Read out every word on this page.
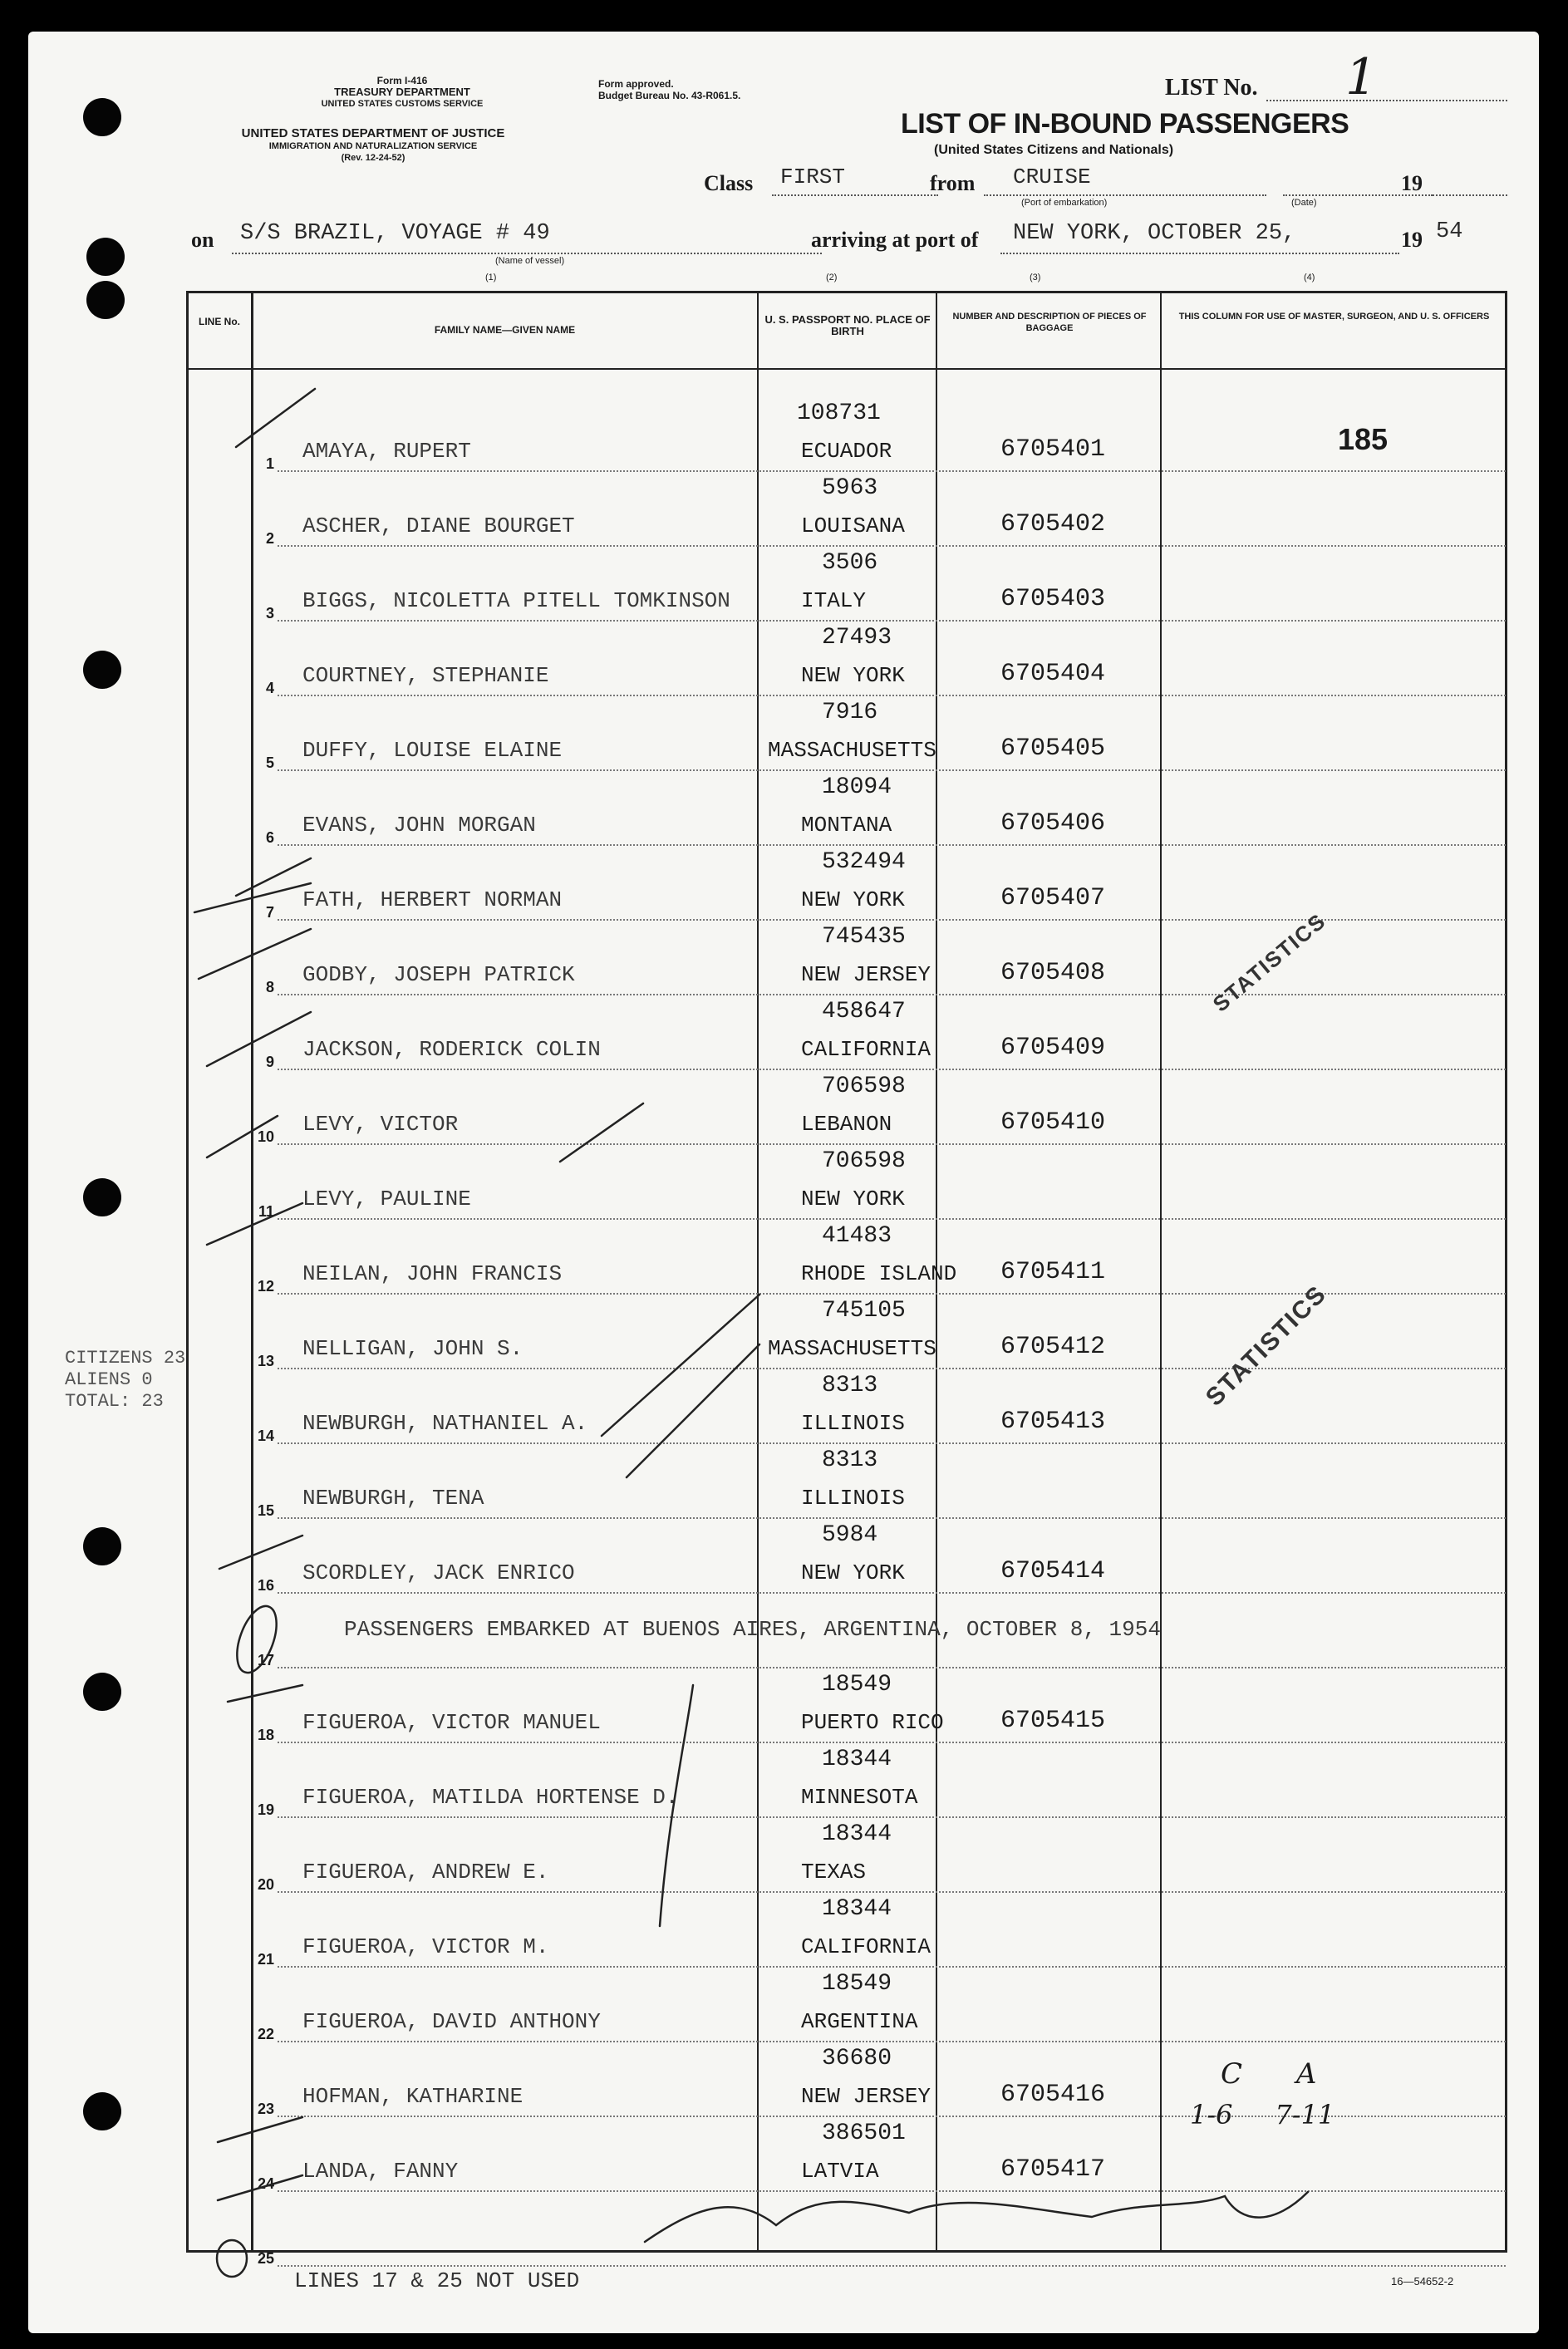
Form I-416
TREASURY DEPARTMENT
UNITED STATES CUSTOMS SERVICE
UNITED STATES DEPARTMENT OF JUSTICE
IMMIGRATION AND NATURALIZATION SERVICE
(Rev. 12-24-52)
Form approved.
Budget Bureau No. 43-R061.5.	LIST No. 1
LIST OF IN-BOUND PASSENGERS
(United States Citizens and Nationals)
Class FIRST	from CRUISE
(Port of embarkation)	(Date)
19
on S/S BRAZIL, VOYAGE # 49
(Name of vessel)
arriving at port of NEW YORK, OCTOBER 25,	19 54
(1)	(2)	(3)	(4)
LINE No.
FAMILY NAME—GIVEN NAME
U. S. PASSPORT NO. PLACE OF BIRTH
NUMBER AND DESCRIPTION OF PIECES OF BAGGAGE
THIS COLUMN FOR USE OF MASTER, SURGEON, AND U. S. OFFICERS
1 AMAYA, RUPERT
108731
ECUADOR	6705401
2 ASCHER, DIANE BOURGET
5963
LOUISANA	6705402
3 BIGGS, NICOLETTA PITELL TOMKINSON
3506
ITALY	6705403
4 COURTNEY, STEPHANIE
27493
NEW YORK	6705404
5 DUFFY, LOUISE ELAINE
7916
MASSACHUSETTS	6705405
6 EVANS, JOHN MORGAN
18094
MONTANA	6705406
7 FATH, HERBERT NORMAN
532494
NEW YORK	6705407
8 GODBY, JOSEPH PATRICK
745435
NEW JERSEY	6705408
9 JACKSON, RODERICK COLIN
458647
CALIFORNIA	6705409
10 LEVY, VICTOR
706598
LEBANON	6705410
11 LEVY, PAULINE
706598
NEW YORK
12 NEILAN, JOHN FRANCIS
41483
RHODE ISLAND 6705411
13 NELLIGAN, JOHN S.
745105
MASSACHUSETTS	6705412
14 NEWBURGH, NATHANIEL A.
8313
ILLINOIS	6705413
15 NEWBURGH, TENA
8313
ILLINOIS
16 SCORDLEY, JACK ENRICO
5984
NEW YORK	6705414
17
18 FIGUEROA, VICTOR MANUEL
18549
PUERTO RICO 6705415
19 FIGUEROA, MATILDA HORTENSE D.
18344
MINNESOTA
20 FIGUEROA, ANDREW E.
18344
TEXAS
21 FIGUEROA, VICTOR M.
18344
CALIFORNIA
22 FIGUEROA, DAVID ANTHONY
18549
ARGENTINA
23 HOFMAN, KATHARINE
36680
NEW JERSEY	6705416
24 LANDA, FANNY
386501
LATVIA	6705417
25
PASSENGERS EMBARKED AT BUENOS AIRES, ARGENTINA, OCTOBER 8, 1954
185
STATISTICS
STATISTICS
CITIZENS 23
ALIENS 0
TOTAL: 23
C      A
1-6     7-11
LINES 17 & 25 NOT USED	16—54652-2
